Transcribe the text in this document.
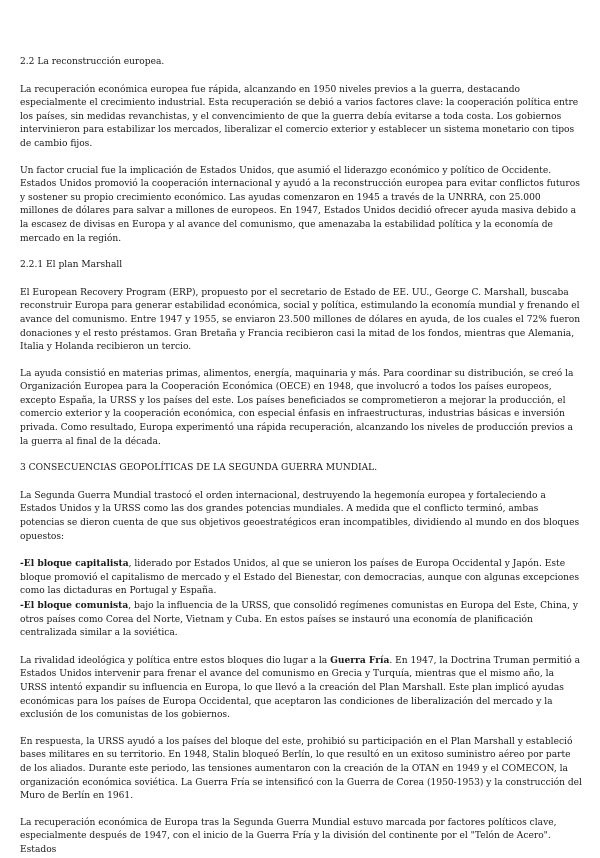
2.2 La reconstrucción europea.

La recuperación económica europea fue rápida, alcanzando en 1950 niveles previos a la guerra, destacando especialmente el crecimiento industrial. Esta recuperación se debió a varios factores clave: la cooperación política entre los países, sin medidas revanchistas, y el convencimiento de que la guerra debía evitarse a toda costa. Los gobiernos intervinieron para estabilizar los mercados, liberalizar el comercio exterior y establecer un sistema monetario con tipos de cambio fijos.

Un factor crucial fue la implicación de Estados Unidos, que asumió el liderazgo económico y político de Occidente. Estados Unidos promovió la cooperación internacional y ayudó a la reconstrucción europea para evitar conflictos futuros y sostener su propio crecimiento económico. Las ayudas comenzaron en 1945 a través de la UNRRA, con 25.000 millones de dólares para salvar a millones de europeos. En 1947, Estados Unidos decidió ofrecer ayuda masiva debido a la escasez de divisas en Europa y al avance del comunismo, que amenazaba la estabilidad política y la economía de mercado en la región.

2.2.1 El plan Marshall

El European Recovery Program (ERP), propuesto por el secretario de Estado de EE. UU., George C. Marshall, buscaba reconstruir Europa para generar estabilidad económica, social y política, estimulando la economía mundial y frenando el avance del comunismo. Entre 1947 y 1955, se enviaron 23.500 millones de dólares en ayuda, de los cuales el 72% fueron donaciones y el resto préstamos. Gran Bretaña y Francia recibieron casi la mitad de los fondos, mientras que Alemania, Italia y Holanda recibieron un tercio.

La ayuda consistió en materias primas, alimentos, energía, maquinaria y más. Para coordinar su distribución, se creó la Organización Europea para la Cooperación Económica (OECE) en 1948, que involucró a todos los países europeos, excepto España, la URSS y los países del este. Los países beneficiados se comprometieron a mejorar la producción, el comercio exterior y la cooperación económica, con especial énfasis en infraestructuras, industrias básicas e inversión privada. Como resultado, Europa experimentó una rápida recuperación, alcanzando los niveles de producción previos a la guerra al final de la década.

3 CONSECUENCIAS GEOPOLÍTICAS DE LA SEGUNDA GUERRA MUNDIAL.

La Segunda Guerra Mundial trastocó el orden internacional, destruyendo la hegemonía europea y fortaleciendo a Estados Unidos y la URSS como las dos grandes potencias mundiales. A medida que el conflicto terminó, ambas potencias se dieron cuenta de que sus objetivos geoestratégicos eran incompatibles, dividiendo al mundo en dos bloques opuestos:

-El bloque capitalista, liderado por Estados Unidos, al que se unieron los países de Europa Occidental y Japón. Este bloque promovió el capitalismo de mercado y el Estado del Bienestar, con democracias, aunque con algunas excepciones como las dictaduras en Portugal y España.

-El bloque comunista, bajo la influencia de la URSS, que consolidó regímenes comunistas en Europa del Este, China, y otros países como Corea del Norte, Vietnam y Cuba. En estos países se instauró una economía de planificación centralizada similar a la soviética.

La rivalidad ideológica y política entre estos bloques dio lugar a la Guerra Fría. En 1947, la Doctrina Truman permitió a Estados Unidos intervenir para frenar el avance del comunismo en Grecia y Turquía, mientras que el mismo año, la URSS intentó expandir su influencia en Europa, lo que llevó a la creación del Plan Marshall. Este plan implicó ayudas económicas para los países de Europa Occidental, que aceptaron las condiciones de liberalización del mercado y la exclusión de los comunistas de los gobiernos.

En respuesta, la URSS ayudó a los países del bloque del este, prohibió su participación en el Plan Marshall y estableció bases militares en su territorio. En 1948, Stalin bloqueó Berlín, lo que resultó en un exitoso suministro aéreo por parte de los aliados. Durante este periodo, las tensiones aumentaron con la creación de la OTAN en 1949 y el COMECON, la organización económica soviética. La Guerra Fría se intensificó con la Guerra de Corea (1950-1953) y la construcción del Muro de Berlín en 1961.

La recuperación económica de Europa tras la Segunda Guerra Mundial estuvo marcada por factores políticos clave, especialmente después de 1947, con el inicio de la Guerra Fría y la división del continente por el "Telón de Acero". Estados
